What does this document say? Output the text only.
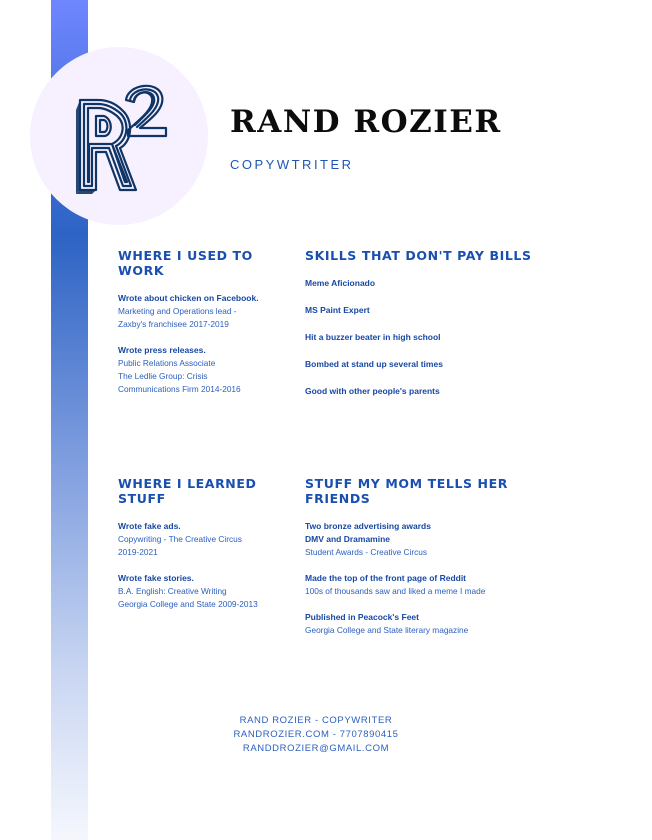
RAND ROZIER

COPYWTRITER

WHERE I USED TO WORK
Wrote about chicken on Facebook.
Marketing and Operations lead -
Zaxby's franchisee 2017-2019
Wrote press releases.
Public Relations Associate
The Ledlie Group: Crisis
Communications Firm 2014-2016
SKILLS THAT DON'T PAY BILLS
Meme Aficionado
MS Paint Expert
Hit a buzzer beater in high school
Bombed at stand up several times
Good with other people's parents
WHERE I LEARNED STUFF
Wrote fake ads.
Copywriting - The Creative Circus
2019-2021
Wrote fake stories.
B.A. English: Creative Writing
Georgia College and State 2009-2013
STUFF MY MOM TELLS HER FRIENDS
Two bronze advertising awards
DMV and Dramamine
Student Awards - Creative Circus
Made the top of the front page of Reddit
100s of thousands saw and liked a meme I made
Published in Peacock's Feet
Georgia College and State literary magazine
RAND ROZIER - COPYWRITER
RANDROZIER.COM - 7707890415
RANDDROZIER@GMAIL.COM
